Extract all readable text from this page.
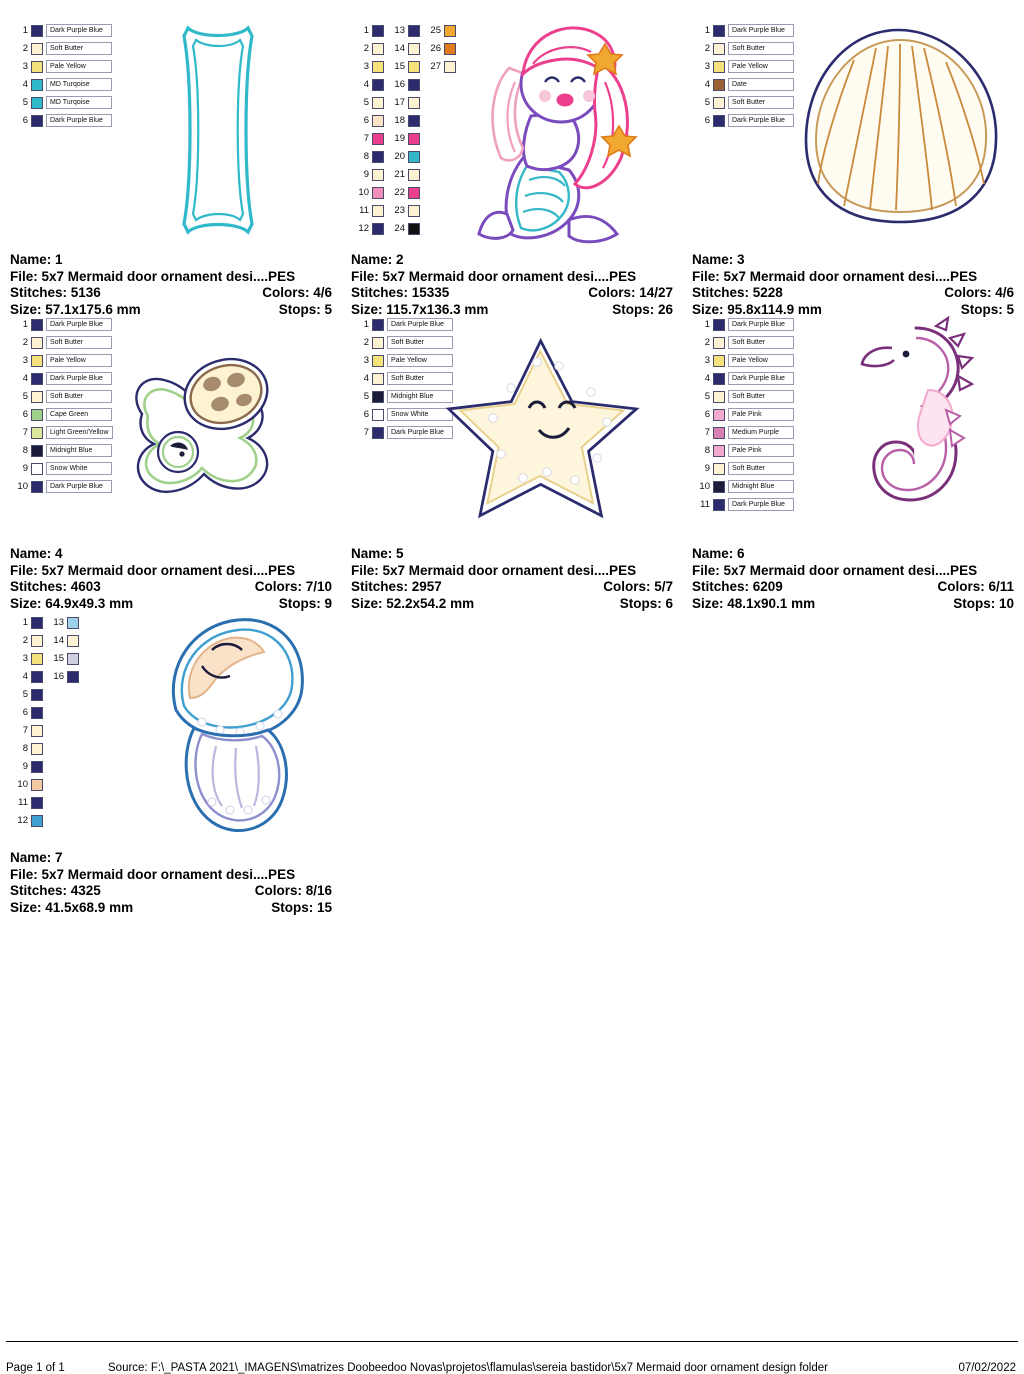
1	Dark Purple Blue
2	Soft Butter
3	Pale Yellow
4	MD Turqoise
5	MD Turqoise
6	Dark Purple Blue
Name: 1
File: 5x7 Mermaid door ornament desi....PES
Stitches: 5136	Colors: 4/6
Size: 57.1x175.6 mm	Stops: 5
1	13	25
2	14	26
3	15	27
4	16
5	17
6	18
7	19
8	20
9	21
10	22
11	23
12	24
Name: 2
File: 5x7 Mermaid door ornament desi....PES
Stitches: 15335	Colors: 14/27
Size: 115.7x136.3 mm	Stops: 26
1	Dark Purple Blue
2	Soft Butter
3	Pale Yellow
4	Date
5	Soft Butter
6	Dark Purple Blue
Name: 3
File: 5x7 Mermaid door ornament desi....PES
Stitches: 5228	Colors: 4/6
Size: 95.8x114.9 mm	Stops: 5
1	Dark Purple Blue
2	Soft Butter
3	Pale Yellow
4	Dark Purple Blue
5	Soft Butter
6	Cape Green
7	Light Green/Yellow
8	Midnight Blue
9	Snow White
10	Dark Purple Blue
Name: 4
File: 5x7 Mermaid door ornament desi....PES
Stitches: 4603	Colors: 7/10
Size: 64.9x49.3 mm	Stops: 9
1	Dark Purple Blue
2	Soft Butter
3	Pale Yellow
4	Soft Butter
5	Midnight Blue
6	Snow White
7	Dark Purple Blue
Name: 5
File: 5x7 Mermaid door ornament desi....PES
Stitches: 2957	Colors: 5/7
Size: 52.2x54.2 mm	Stops: 6
1	Dark Purple Blue
2	Soft Butter
3	Pale Yellow
4	Dark Purple Blue
5	Soft Butter
6	Pale Pink
7	Medium Purple
8	Pale Pink
9	Soft Butter
10	Midnight Blue
11	Dark Purple Blue
Name: 6
File: 5x7 Mermaid door ornament desi....PES
Stitches: 6209	Colors: 6/11
Size: 48.1x90.1 mm	Stops: 10
1	13
2	14
3	15
4	16
5
6
7
8
9
10
11
12
Name: 7
File: 5x7 Mermaid door ornament desi....PES
Stitches: 4325	Colors: 8/16
Size: 41.5x68.9 mm	Stops: 15
Page 1 of 1	Source: F:\_PASTA 2021\_IMAGENS\matrizes Doobeedoo Novas\projetos\flamulas\sereia bastidor\5x7 Mermaid door ornament design folder	07/02/2022
